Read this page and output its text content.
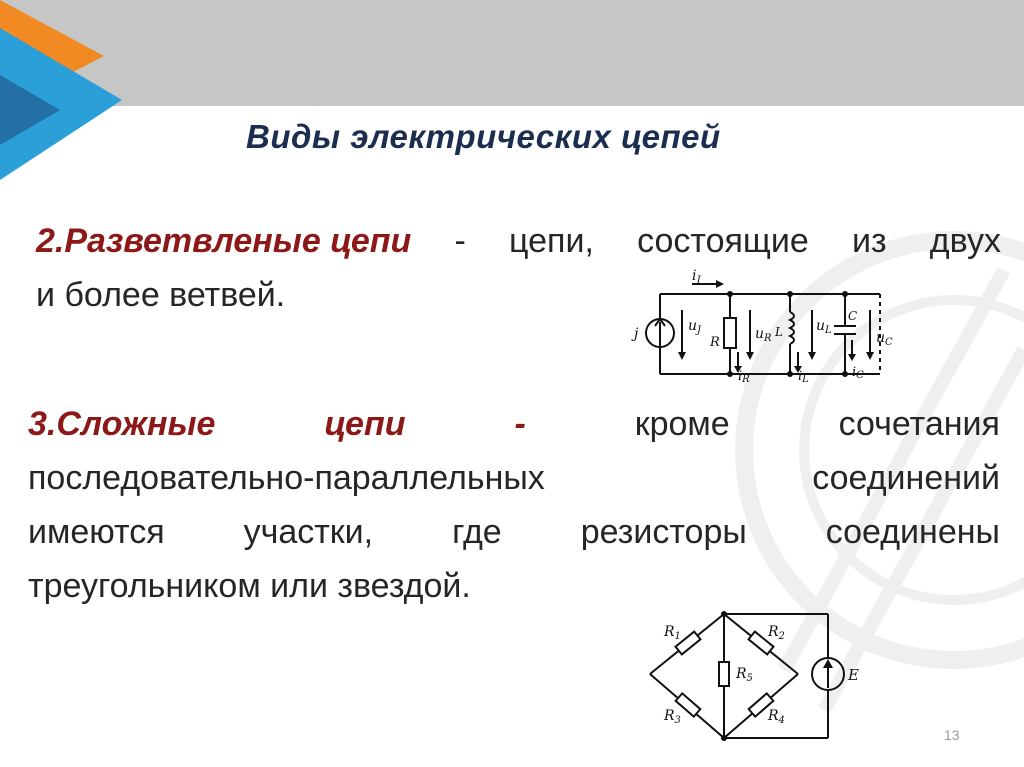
Виды электрических цепей
2.Разветвленые цепи - цепи, состоящие из двух
и более ветвей.	$i_J$
j	$u_J$
R
$u_R$
iR
L $u_L$
iL
C
$u_C$
iC
3.Сложные	цепи	-	кроме	сочетания
последовательно-параллельных	соединений
имеются участки, где резисторы соединены
треугольником или звездой.
$R_1$	$R_2$
$R_3$	$R_4$
$R_5$	E
13
